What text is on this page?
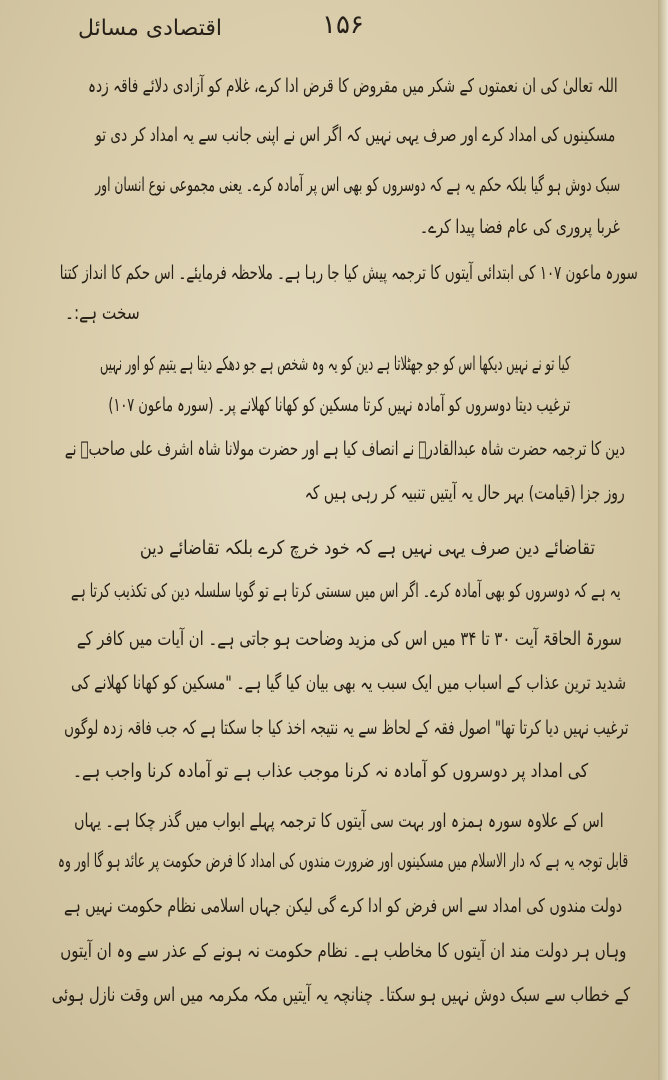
اقتصادی مسائل	۱۵۶
اللہ تعالیٰ کی ان نعمتوں کے شکر میں مقروض کا قرض ادا کرے، غلام کو آزادی دلائے فاقہ زدہ
مسکینوں کی امداد کرے اور صرف یہی نہیں کہ اگر اس نے اپنی جانب سے یہ امداد کر دی تو
سبک دوش ہو گیا بلکہ حکم یہ ہے کہ دوسروں کو بھی اس پر آمادہ کرے۔ یعنی مجموعی نوع انسان اور
غربا پروری کی عام فضا پیدا کرے۔
سورہ ماعون ۱۰۷ کی ابتدائی آیتوں کا ترجمہ پیش کیا جا رہا ہے۔ ملاحظہ فرمایئے۔ اس حکم کا انداز کتنا
سخت ہے:۔
کیا تو نے نہیں دیکھا اس کو جو جھٹلاتا ہے دین کو یہ وہ شخص ہے جو دھکے دیتا ہے یتیم کو اور نہیں
ترغیب دیتا دوسروں کو آمادہ نہیں کرتا مسکین کو کھانا کھلانے پر۔ (سورہ ماعون ۱۰۷)
دین کا ترجمہ حضرت شاہ عبدالقادرؒ نے انصاف کیا ہے اور حضرت مولانا شاہ اشرف علی صاحبؒ نے
روز جزا (قیامت) بہر حال یہ آیتیں تنبیہ کر رہی ہیں کہ
تقاضائے دین صرف یہی نہیں ہے کہ خود خرچ کرے بلکہ تقاضائے دین
یہ ہے کہ دوسروں کو بھی آمادہ کرے۔ اگر اس میں سستی کرتا ہے تو گویا سلسلہ دین کی تکذیب کرتا ہے
سورۃ الحاقۃ آیت ۳۰ تا ۳۴ میں اس کی مزید وضاحت ہو جاتی ہے۔ ان آیات میں کافر کے
شدید ترین عذاب کے اسباب میں ایک سبب یہ بھی بیان کیا گیا ہے۔ "مسکین کو کھانا کھلانے کی
ترغیب نہیں دیا کرتا تھا" اصول فقہ کے لحاظ سے یہ نتیجہ اخذ کیا جا سکتا ہے کہ جب فاقہ زدہ لوگوں
کی امداد پر دوسروں کو آمادہ نہ کرنا موجب عذاب ہے تو آمادہ کرنا واجب ہے۔
اس کے علاوہ سورہ ہمزہ اور بہت سی آیتوں کا ترجمہ پہلے ابواب میں گذر چکا ہے۔ یہاں
قابل توجہ یہ ہے کہ دار الاسلام میں مسکینوں اور ضرورت مندوں کی امداد کا فرض حکومت پر عائد ہو گا اور وہ
دولت مندوں کی امداد سے اس فرض کو ادا کرے گی لیکن جہاں اسلامی نظام حکومت نہیں ہے
وہاں ہر دولت مند ان آیتوں کا مخاطب ہے۔ نظام حکومت نہ ہونے کے عذر سے وہ ان آیتوں
کے خطاب سے سبک دوش نہیں ہو سکتا۔ چنانچہ یہ آیتیں مکہ مکرمہ میں اس وقت نازل ہوئی
